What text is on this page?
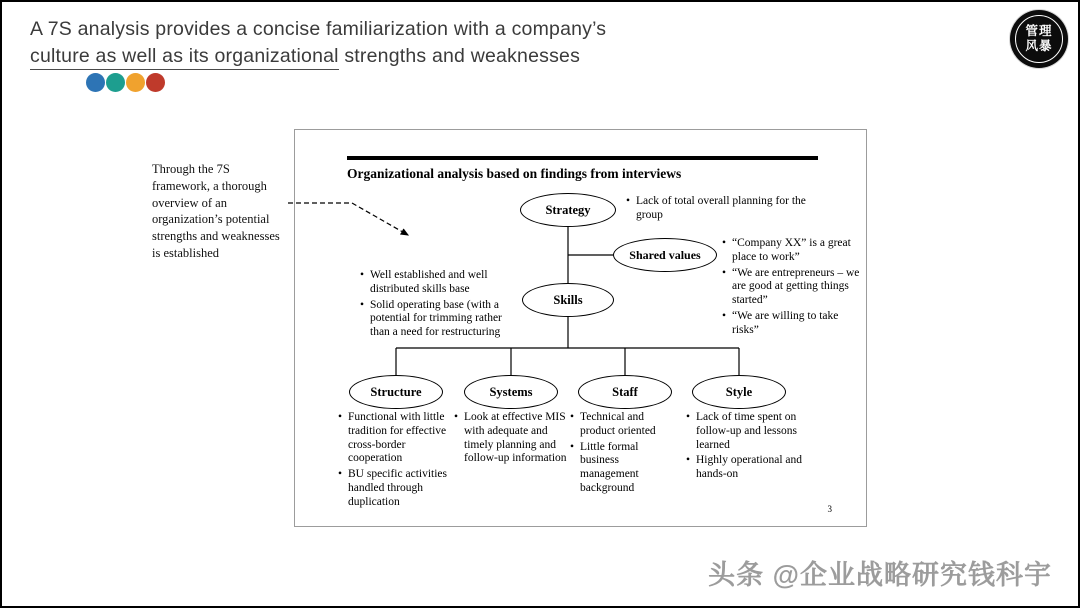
A 7S analysis provides a concise familiarization with a company’s
culture as well as its organizational strengths and weaknesses
管理
风暴
Through the 7S framework, a thorough overview of an organization’s potential strengths and weaknesses is established
Organizational analysis based on findings from interviews
Strategy
Shared values
Skills
Structure	Systems	Staff	Style
• Lack of total overall planning for the group
• “Company XX” is a great place to work”
• “We are entrepreneurs – we are good at getting things started”
• “We are willing to take risks”
• Well established and well distributed skills base
• Solid operating base (with a potential for trimming rather than a need for restructuring
• Functional with little tradition for effective cross-border cooperation
• BU specific activities handled through duplication
• Look at effective MIS with adequate and timely planning and follow-up information
• Technical and product oriented
• Little formal business management background
• Lack of time spent on follow-up and lessons learned
• Highly operational and hands-on
3
头条 @企业战略研究钱科宇
